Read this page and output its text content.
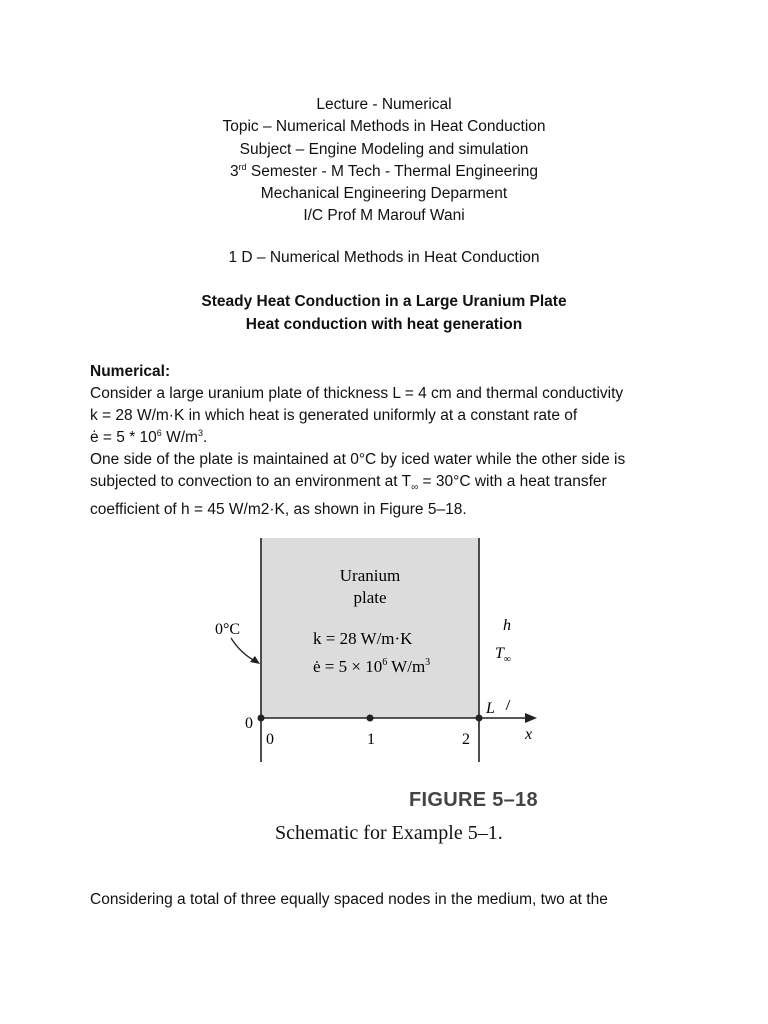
Lecture - Numerical
Topic – Numerical Methods in Heat Conduction
Subject – Engine Modeling and simulation
3rd Semester - M Tech - Thermal Engineering
Mechanical Engineering Deparment
I/C Prof M Marouf Wani
1 D – Numerical Methods in Heat Conduction
Steady Heat Conduction in a Large Uranium Plate
Heat conduction with heat generation

Numerical:

Consider a large uranium plate of thickness L = 4 cm and thermal conductivity

k = 28 W/m·K in which heat is generated uniformly at a constant rate of

ė = $5 * 10^6$ $W/m^3$.

One side of the plate is maintained at 0°C by iced water while the other side is

subjected to convection to an environment at $T_\infty = 30^\circ C$ with a heat transfer

coefficient of h = 45 W/m2·K, as shown in Figure 5–18.

Uranium
plate
0°C	k = 28 W/m·K
ė = $5 \times 10^6$ $W/m^3$
h
$T_\infty$
L
0
x
0	1	2
FIGURE 5–18
Schematic for Example 5–1.

Considering a total of three equally spaced nodes in the medium, two at the
